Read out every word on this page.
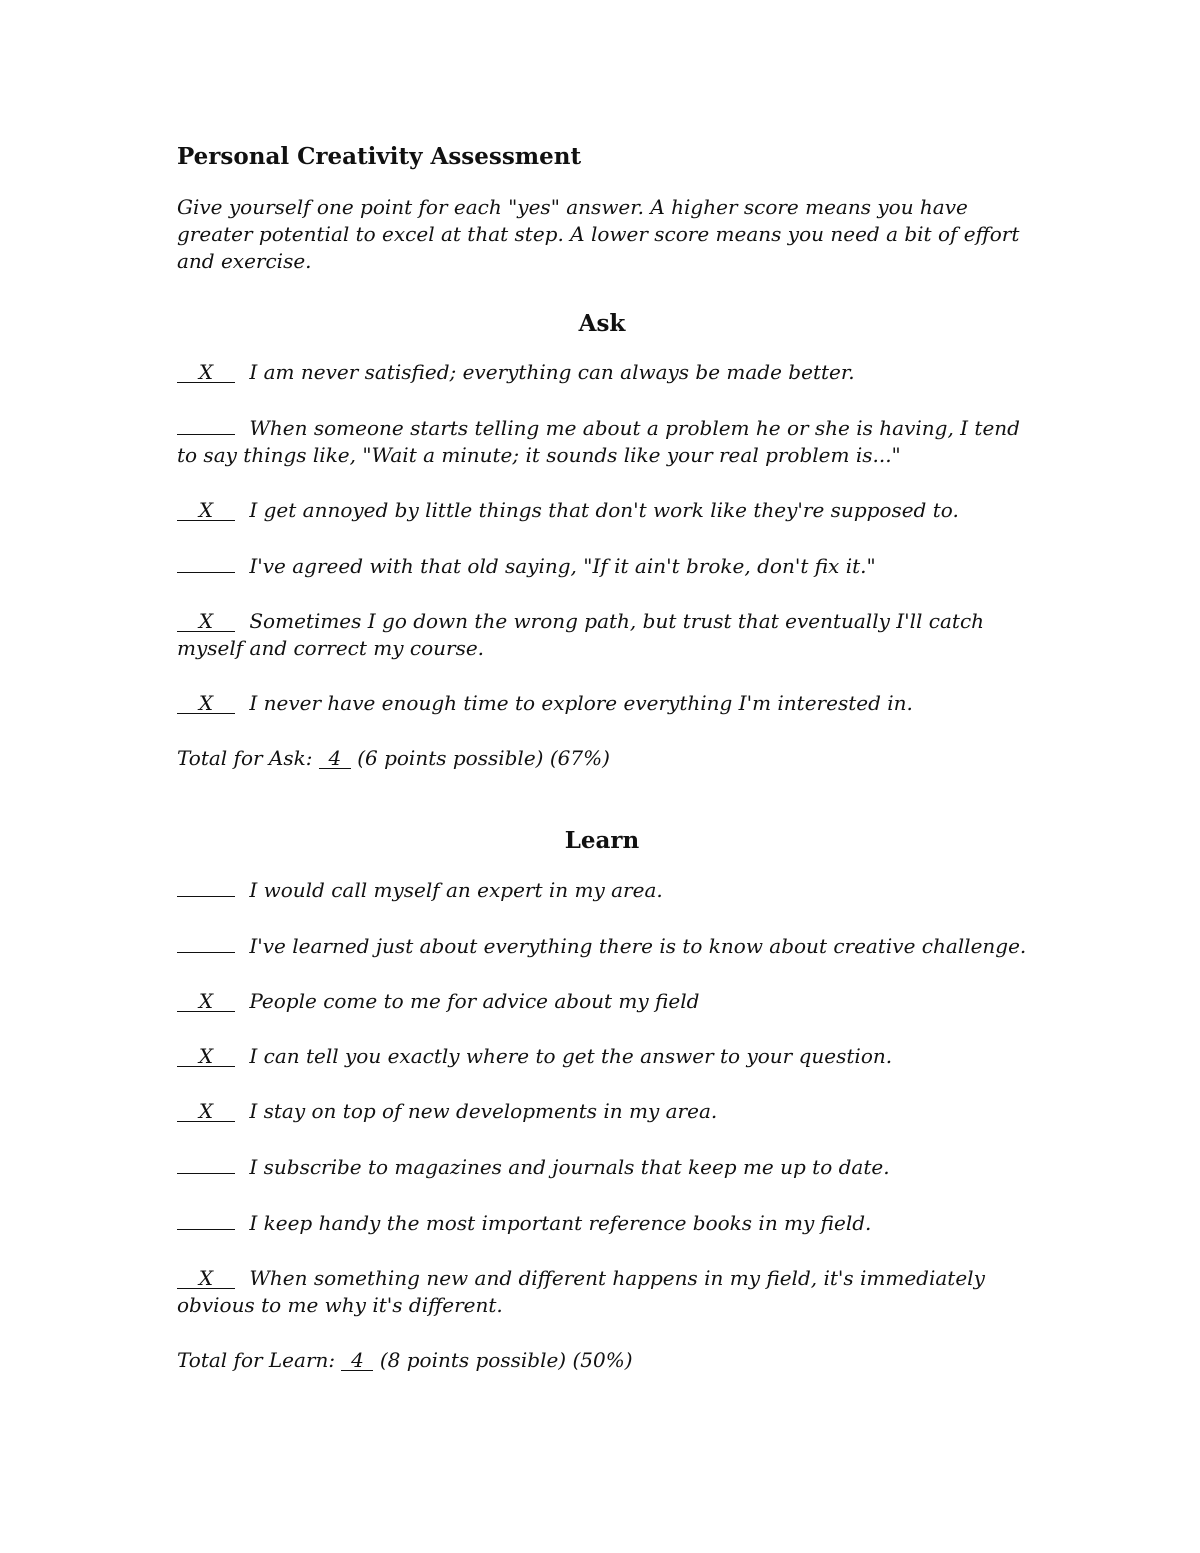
Personal Creativity Assessment

Give yourself one point for each "yes" answer. A higher score means you have greater potential to excel at that step. A lower score means you need a bit of effort and exercise.

Ask

X I am never satisfied; everything can always be made better.

When someone starts telling me about a problem he or she is having, I tend to say things like, "Wait a minute; it sounds like your real problem is..."

X I get annoyed by little things that don't work like they're supposed to.

I've agreed with that old saying, "If it ain't broke, don't fix it."

X Sometimes I go down the wrong path, but trust that eventually I'll catch myself and correct my course.

X I never have enough time to explore everything I'm interested in.

Total for Ask: 4 (6 points possible) (67%)

Learn

I would call myself an expert in my area.

I've learned just about everything there is to know about creative challenge.

X People come to me for advice about my field

X I can tell you exactly where to get the answer to your question.

X I stay on top of new developments in my area.

I subscribe to magazines and journals that keep me up to date.

I keep handy the most important reference books in my field.

X When something new and different happens in my field, it's immediately obvious to me why it's different.

Total for Learn: 4 (8 points possible) (50%)
